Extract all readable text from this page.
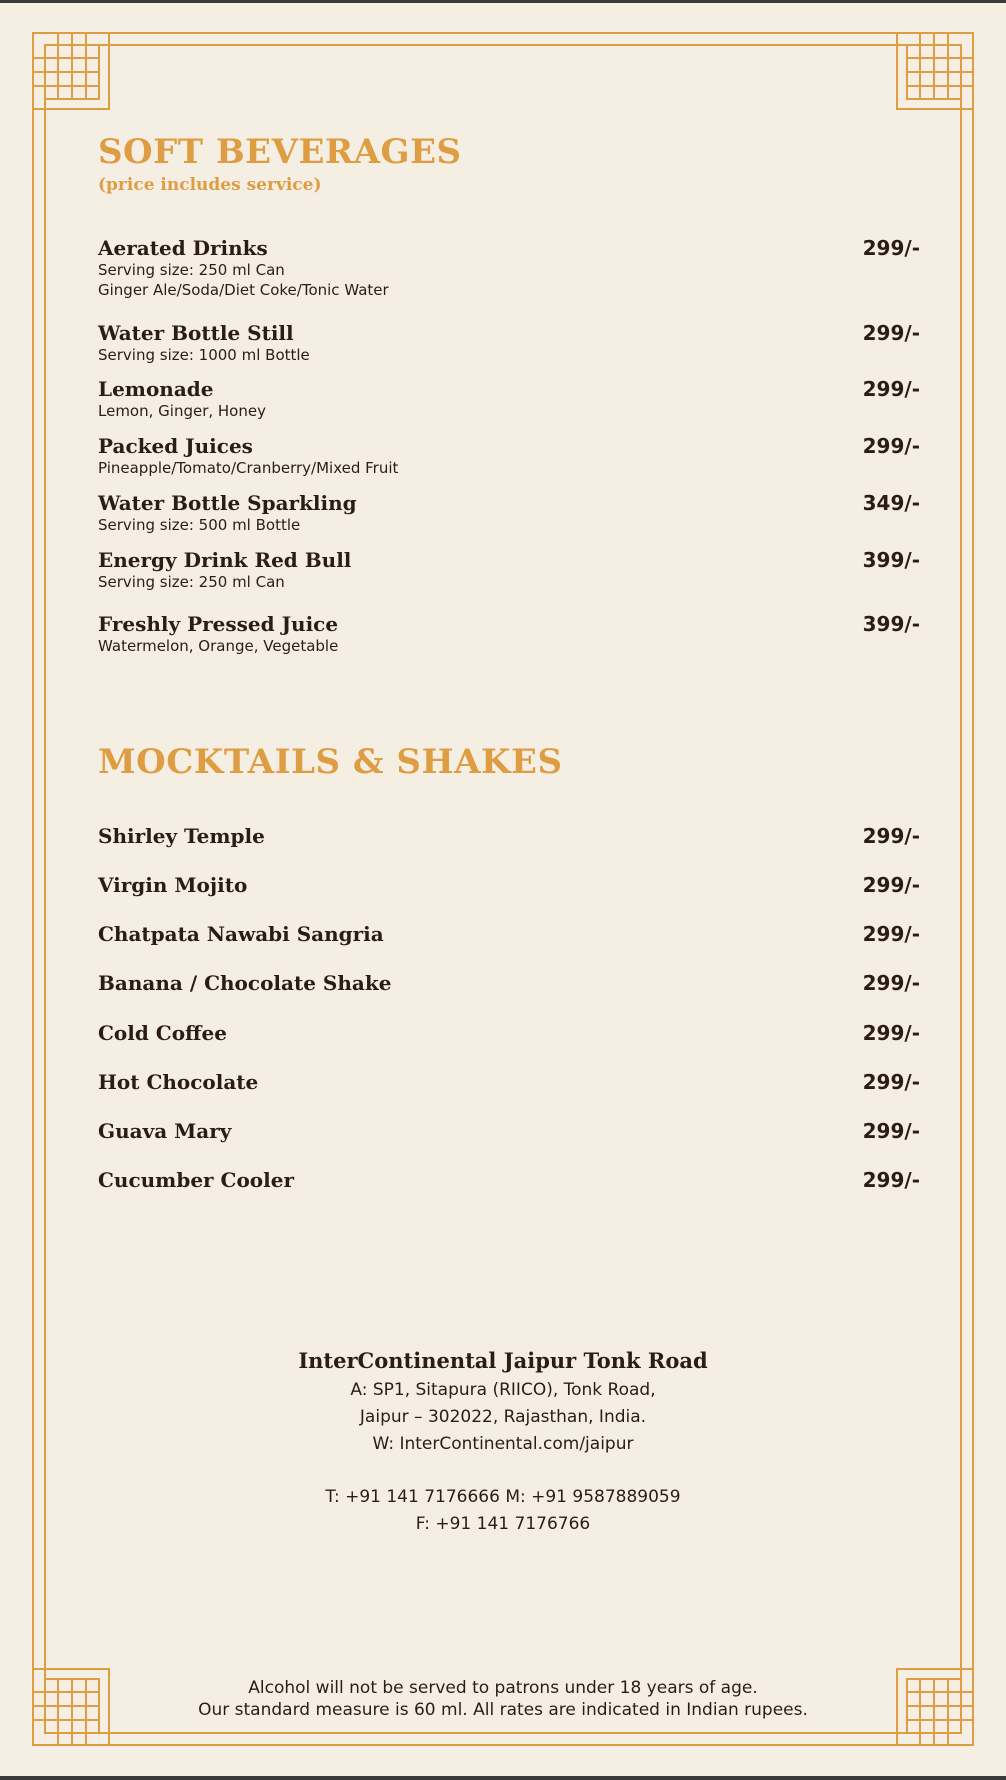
SOFT BEVERAGES
(price includes service)
Aerated Drinks
Serving size: 250 ml Can
Ginger Ale/Soda/Diet Coke/Tonic Water
299/-
Water Bottle Still
Serving size: 1000 ml Bottle
299/-
Lemonade
Lemon, Ginger, Honey
299/-
Packed Juices
Pineapple/Tomato/Cranberry/Mixed Fruit
299/-
Water Bottle Sparkling
Serving size: 500 ml Bottle
349/-
Energy Drink Red Bull
Serving size: 250 ml Can
399/-
Freshly Pressed Juice
Watermelon, Orange, Vegetable
399/-
MOCKTAILS & SHAKES
Shirley Temple	299/-
Virgin Mojito	299/-
Chatpata Nawabi Sangria	299/-
Banana / Chocolate Shake	299/-
Cold Coffee	299/-
Hot Chocolate	299/-
Guava Mary	299/-
Cucumber Cooler	299/-
InterContinental Jaipur Tonk Road
A: SP1, Sitapura (RIICO), Tonk Road,
Jaipur – 302022, Rajasthan, India.
W: InterContinental.com/jaipur
T: +91 141 7176666 M: +91 9587889059
F: +91 141 7176766
Alcohol will not be served to patrons under 18 years of age.
Our standard measure is 60 ml. All rates are indicated in Indian rupees.
